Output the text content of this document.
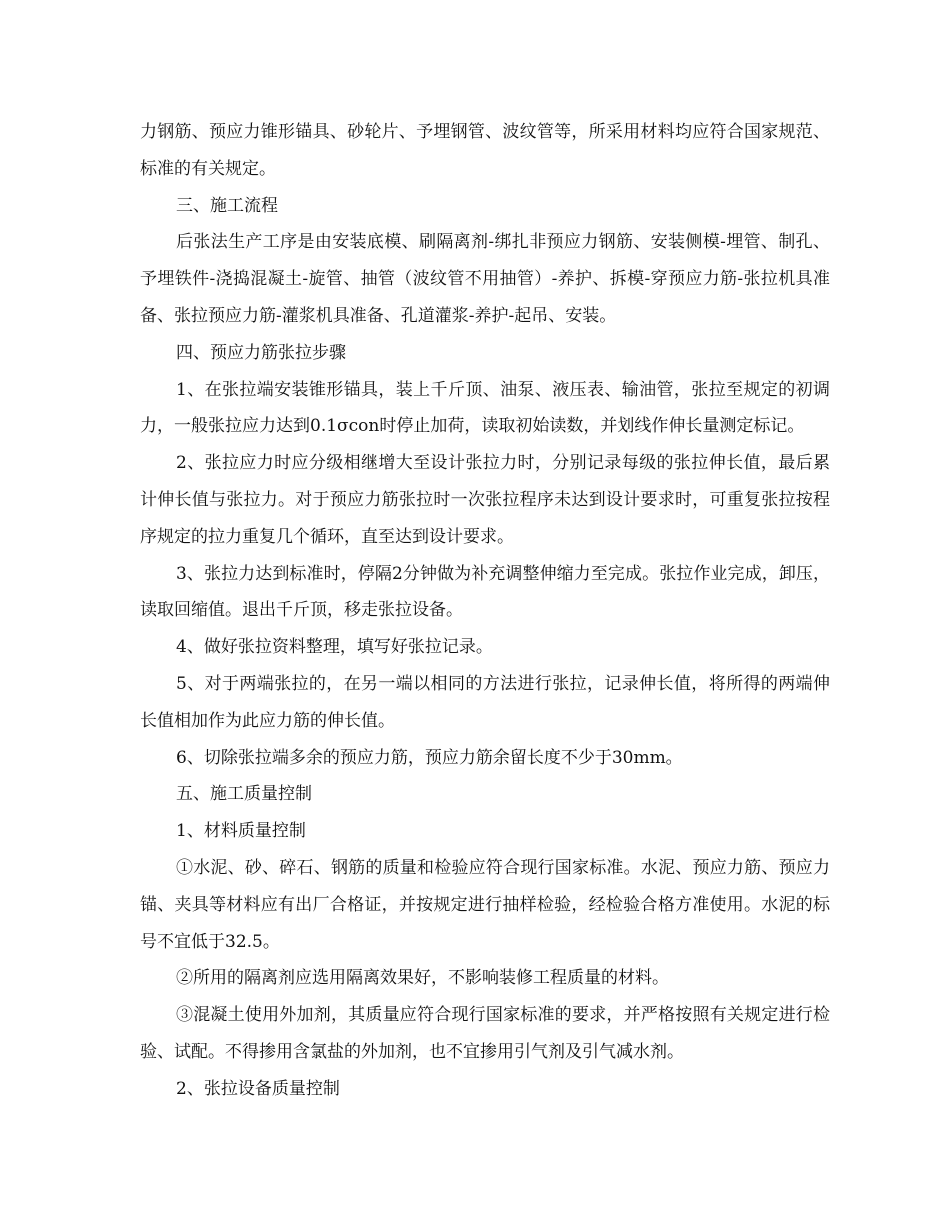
力钢筋、预应力锥形锚具、砂轮片、予埋钢管、波纹管等，所采用材料均应符合国家规范、标准的有关规定。

三、施工流程

后张法生产工序是由安装底模、刷隔离剂-绑扎非预应力钢筋、安装侧模-埋管、制孔、予埋铁件-浇捣混凝土-旋管、抽管（波纹管不用抽管）-养护、拆模-穿预应力筋-张拉机具准备、张拉预应力筋-灌浆机具准备、孔道灌浆-养护-起吊、安装。

四、预应力筋张拉步骤

1、在张拉端安装锥形锚具，装上千斤顶、油泵、液压表、输油管，张拉至规定的初调力，一般张拉应力达到0.1σcon时停止加荷，读取初始读数，并划线作伸长量测定标记。

2、张拉应力时应分级相继增大至设计张拉力时，分别记录每级的张拉伸长值，最后累计伸长值与张拉力。对于预应力筋张拉时一次张拉程序未达到设计要求时，可重复张拉按程序规定的拉力重复几个循环，直至达到设计要求。

3、张拉力达到标准时，停隔2分钟做为补充调整伸缩力至完成。张拉作业完成，卸压，读取回缩值。退出千斤顶，移走张拉设备。

4、做好张拉资料整理，填写好张拉记录。

5、对于两端张拉的，在另一端以相同的方法进行张拉，记录伸长值，将所得的两端伸长值相加作为此应力筋的伸长值。

6、切除张拉端多余的预应力筋，预应力筋余留长度不少于30mm。

五、施工质量控制

1、材料质量控制

①水泥、砂、碎石、钢筋的质量和检验应符合现行国家标准。水泥、预应力筋、预应力锚、夹具等材料应有出厂合格证，并按规定进行抽样检验，经检验合格方准使用。水泥的标号不宜低于32.5。

②所用的隔离剂应选用隔离效果好，不影响装修工程质量的材料。

③混凝土使用外加剂，其质量应符合现行国家标准的要求，并严格按照有关规定进行检验、试配。不得掺用含氯盐的外加剂，也不宜掺用引气剂及引气减水剂。

2、张拉设备质量控制
